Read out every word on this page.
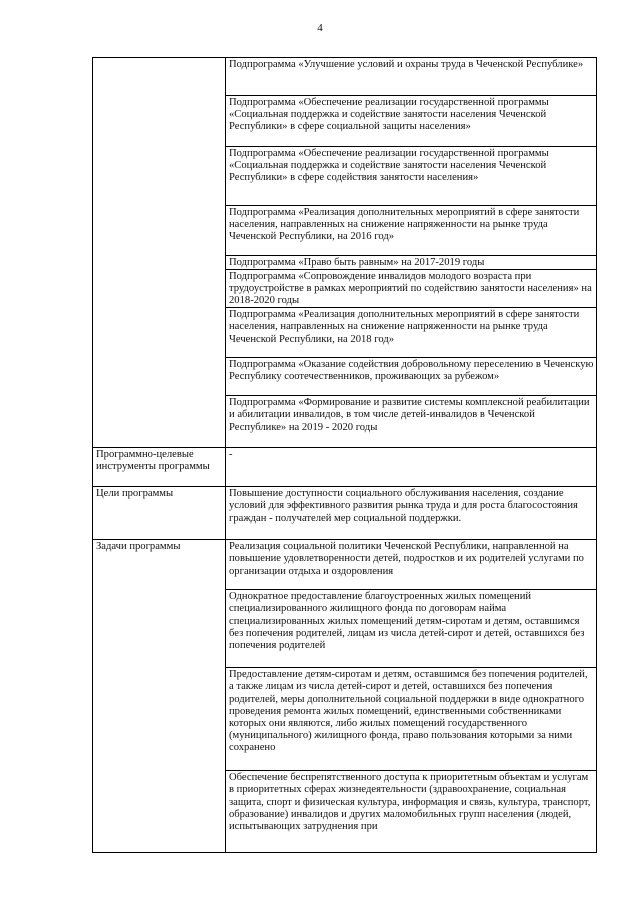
4
	Подпрограмма «Улучшение условий и охраны труда в Чеченской Республике»
	Подпрограмма «Обеспечение реализации государственной программы «Социальная поддержка и содействие занятости населения Чеченской Республики» в сфере социальной защиты населения»
	Подпрограмма «Обеспечение реализации государственной программы «Социальная поддержка и содействие занятости населения Чеченской Республики» в сфере содействия занятости населения»
	Подпрограмма «Реализация дополнительных мероприятий в сфере занятости населения, направленных на снижение напряженности на рынке труда Чеченской Республики, на 2016 год»
	Подпрограмма «Право быть равным» на 2017-2019 годы
	Подпрограмма «Сопровождение инвалидов молодого возраста при трудоустройстве в рамках мероприятий по содействию занятости населения» на 2018-2020 годы
	Подпрограмма «Реализация дополнительных мероприятий в сфере занятости населения, направленных на снижение напряженности на рынке труда Чеченской Республики, на 2018 год»
	Подпрограмма «Оказание содействия добровольному переселению в Чеченскую Республику соотечественников, проживающих за рубежом»
	Подпрограмма «Формирование и развитие системы комплексной реабилитации и абилитации инвалидов, в том числе детей-инвалидов в Чеченской Республике» на 2019 - 2020 годы
Программно-целевые инструменты программы	-
Цели программы	Повышение доступности социального обслуживания населения, создание условий для эффективного развития рынка труда и для роста благосостояния граждан - получателей мер социальной поддержки.
Задачи программы	Реализация социальной политики Чеченской Республики, направленной на повышение удовлетворенности детей, подростков и их родителей услугами по организации отдыха и оздоровления
	Однократное предоставление благоустроенных жилых помещений специализированного жилищного фонда по договорам найма специализированных жилых помещений детям-сиротам и детям, оставшимся без попечения родителей, лицам из числа детей-сирот и детей, оставшихся без попечения родителей
	Предоставление детям-сиротам и детям, оставшимся без попечения родителей, а также лицам из числа детей-сирот и детей, оставшихся без попечения родителей, меры дополнительной социальной поддержки в виде однократного проведения ремонта жилых помещений, единственными собственниками которых они являются, либо жилых помещений государственного (муниципального) жилищного фонда, право пользования которыми за ними сохранено
	Обеспечение беспрепятственного доступа к приоритетным объектам и услугам в приоритетных сферах жизнедеятельности (здравоохранение, социальная защита, спорт и физическая культура, информация и связь, культура, транспорт, образование) инвалидов и других маломобильных групп населения (людей, испытывающих затруднения при
